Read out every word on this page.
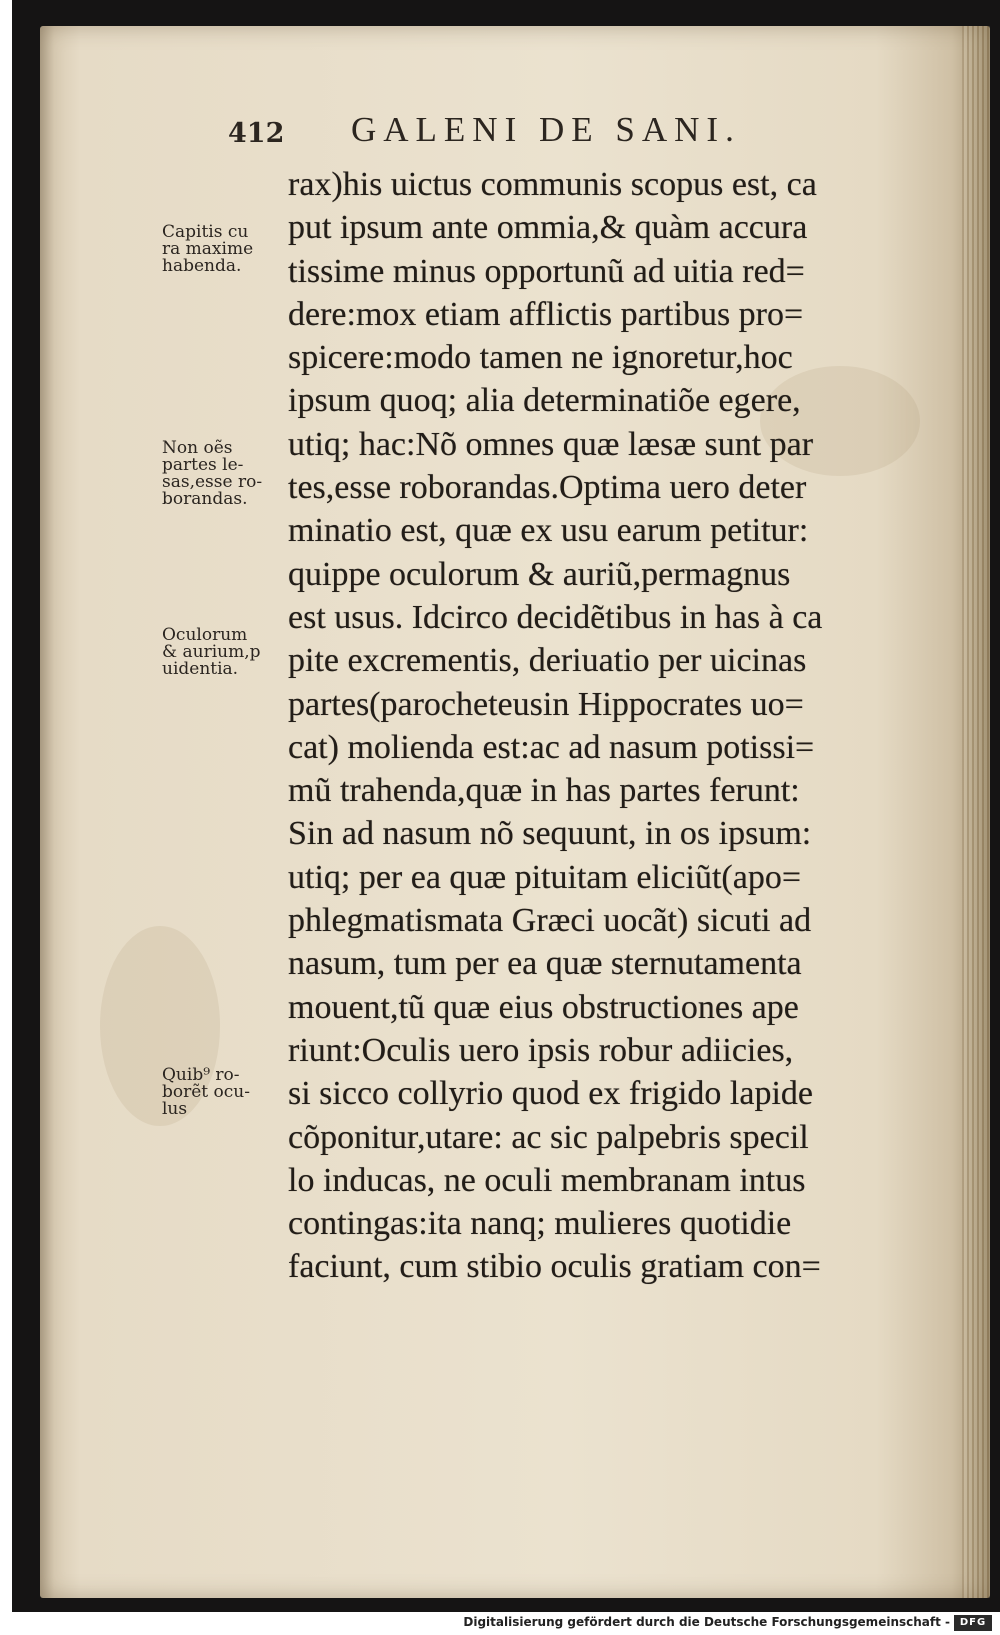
412 GALENI DE SANI.
rax)his uictus communis scopus est, ca
put ipsum ante ommia,& quàm accura
tissime minus opportunũ ad uitia red=
dere:mox etiam afflictis partibus pro=
spicere:modo tamen ne ignoretur,hoc
ipsum quoq; alia determinatiõe egere,
utiq; hac:Nõ omnes quæ læsæ sunt par
tes,esse roborandas.Optima uero deter
minatio est, quæ ex usu earum petitur:
quippe oculorum & auriũ,permagnus
est usus. Idcirco decidẽtibus in has à ca
pite excrementis, deriuatio per uicinas
partes(parocheteusin Hippocrates uo=
cat) molienda est:ac ad nasum potissi=
mũ trahenda,quæ in has partes ferunt:
Sin ad nasum nõ sequunt, in os ipsum:
utiq; per ea quæ pituitam eliciũt(apo=
phlegmatismata Græci uocãt) sicuti ad
nasum, tum per ea quæ sternutamenta
mouent,tũ quæ eius obstructiones ape
riunt:Oculis uero ipsis robur adiicies,
si sicco collyrio quod ex frigido lapide
cõponitur,utare: ac sic palpebris specil
lo inducas, ne oculi membranam intus
contingas:ita nanq; mulieres quotidie
faciunt, cum stibio oculis gratiam con=
Capitis cu
ra maxime
habenda.
Non oẽs
partes le-
sas,esse ro-
borandas.
Oculorum
& aurium,p
uidentia.
Quib⁹ ro-
borẽt ocu-
lus
Digitalisierung gefördert durch die Deutsche Forschungsgemeinschaft - DFG
